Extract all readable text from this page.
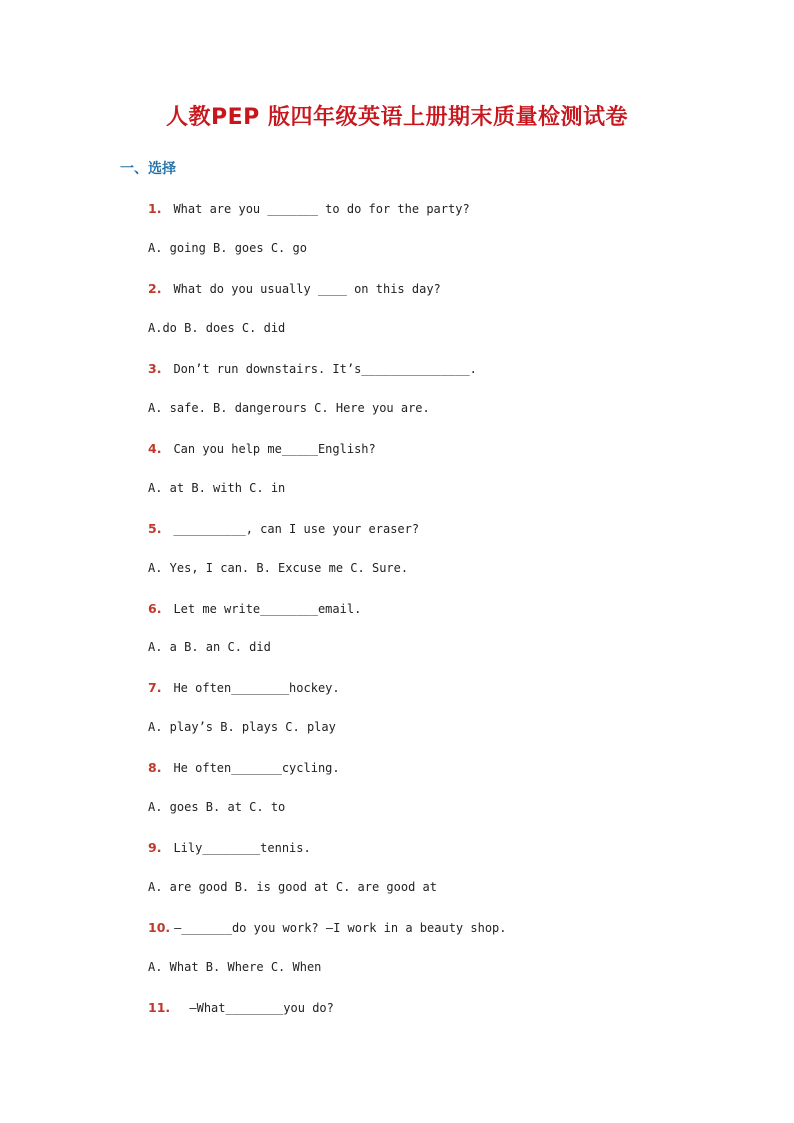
人教PEP 版四年级英语上册期末质量检测试卷
一、选择
1. What are you _______ to do for the party?
A. going B. goes C. go
2. What do you usually ____ on this day?
A.do B. does C. did
3. Don’t run downstairs. It’s_______________.
A. safe. B. dangerours C. Here you are.
4. Can you help me_____English?
A. at B. with C. in
5. __________, can I use your eraser?
A. Yes, I can. B. Excuse me C. Sure.
6. Let me write________email.
A. a B. an C. did
7. He often________hockey.
A. play’s B. plays C. play
8. He often_______cycling.
A. goes B. at C. to
9. Lily________tennis.
A. are good B. is good at C. are good at
10. —_______do you work? —I work in a beauty shop.
A. What B. Where C. When
11. —What________you do?
